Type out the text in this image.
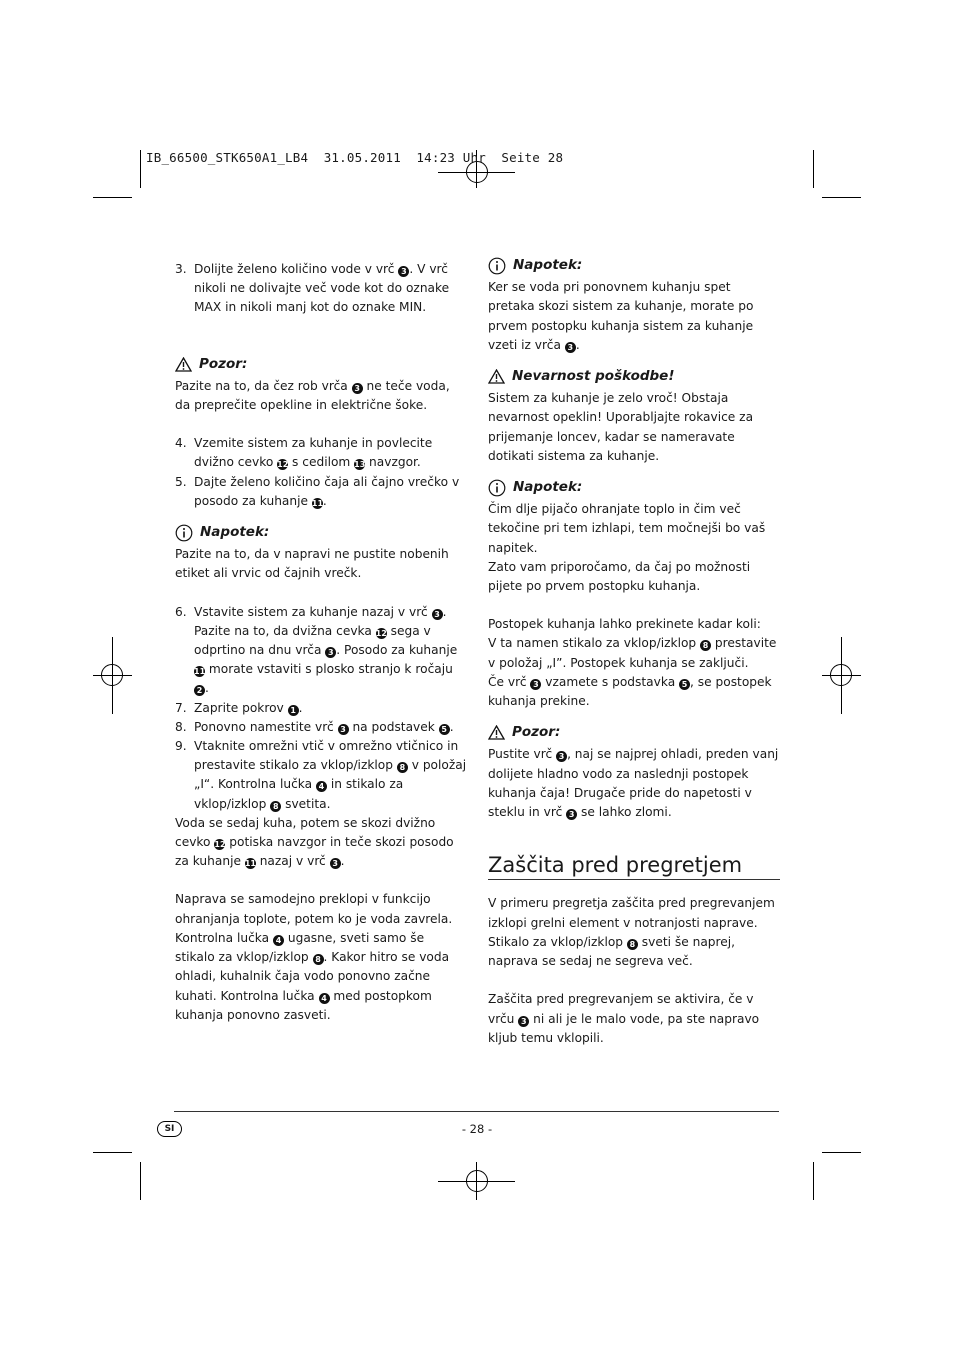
IB_66500_STK650A1_LB4  31.05.2011  14:23 Uhr  Seite 28
3. Dolijte želeno količino vode v vrč 3 . V vrč nikoli ne dolivajte več vode kot do oznake MAX in nikoli manj kot do oznake MIN.
Pozor:

Pazite na to, da čez rob vrča 3 ne teče voda, da preprečite opekline in električne šoke.

4. Vzemite sistem za kuhanje in povlecite dvižno cevko 12 s cedilom 13 navzgor.
5. Dajte želeno količino čaja ali čajno vrečko v posodo za kuhanje 11.
Napotek:

Pazite na to, da v napravi ne pustite nobenih etiket ali vrvic od čajnih vrečk.

6. Vstavite sistem za kuhanje nazaj v vrč 3 . Pazite na to, da dvižna cevka 12 sega v odprtino na dnu vrča 3 . Posodo za kuhanje 11 morate vstaviti s plosko stranjo k ročaju 2 .
7. Zaprite pokrov 1 .
8. Ponovno namestite vrč 3 na podstavek 5 .
9. Vtaknite omrežni vtič v omrežno vtičnico in prestavite stikalo za vklop/izklop 8 v položaj „I“. Kontrolna lučka 4 in stikalo za vklop/izklop 8 svetita.

Voda se sedaj kuha, potem se skozi dvižno cevko 12 potiska navzgor in teče skozi posodo za kuhanje 11 nazaj v vrč 3 .

Naprava se samodejno preklopi v funkcijo ohranjanja toplote, potem ko je voda zavrela. Kontrolna lučka 4 ugasne, sveti samo še stikalo za vklop/izklop 8 . Kakor hitro se voda ohladi, kuhalnik čaja vodo ponovno začne kuhati. Kontrolna lučka 4 med postopkom kuhanja ponovno zasveti.

Napotek:

Ker se voda pri ponovnem kuhanju spet pretaka skozi sistem za kuhanje, morate po prvem postopku kuhanja sistem za kuhanje vzeti iz vrča 3 .

Nevarnost poškodbe!

Sistem za kuhanje je zelo vroč! Obstaja nevarnost opeklin! Uporabljajte rokavice za prijemanje loncev, kadar se nameravate dotikati sistema za kuhanje.

Napotek:

Čim dlje pijačo ohranjate toplo in čim več tekočine pri tem izhlapi, tem močnejši bo vaš napitek.

Zato vam priporočamo, da čaj po možnosti pijete po prvem postopku kuhanja.

Postopek kuhanja lahko prekinete kadar koli:

V ta namen stikalo za vklop/izklop 8 prestavite v položaj „I”. Postopek kuhanja se zaključi.

Če vrč 3 vzamete s podstavka 5 , se postopek kuhanja prekine.

Pozor:

Pustite vrč 3 , naj se najprej ohladi, preden vanj dolijete hladno vodo za naslednji postopek kuhanja čaja! Drugače pride do napetosti v steklu in vrč 3 se lahko zlomi.

Zaščita pred pregretjem

V primeru pregretja zaščita pred pregrevanjem izklopi grelni element v notranjosti naprave. Stikalo za vklop/izklop 8 sveti še naprej, naprava se sedaj ne segreva več.

Zaščita pred pregrevanjem se aktivira, če v vrču 3 ni ali je le malo vode, pa ste napravo kljub temu vklopili.

SI	- 28 -
